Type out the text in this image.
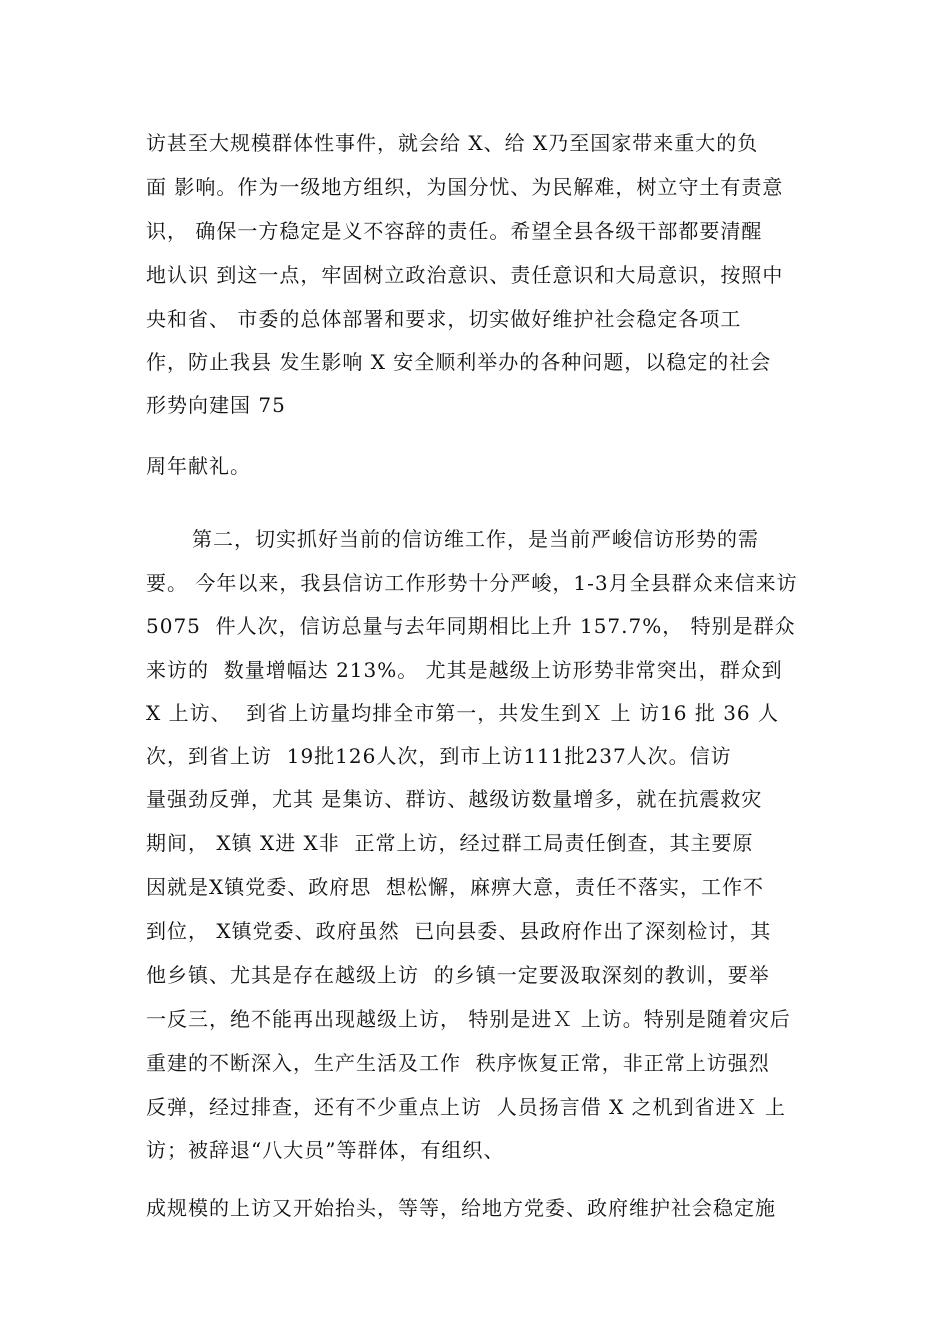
访甚至大规模群体性事件，就会给 X、给 X乃至国家带来重大的负
面 影响。作为一级地方组织，为国分忧、为民解难，树立守土有责意
识， 确保一方稳定是义不容辞的责任。希望全县各级干部都要清醒
地认识 到这一点，牢固树立政治意识、责任意识和大局意识，按照中
央和省、 市委的总体部署和要求，切实做好维护社会稳定各项工
作，防止我县 发生影响 X 安全顺利举办的各种问题，以稳定的社会
形势向建国 75
周年献礼。
第二，切实抓好当前的信访维工作，是当前严峻信访形势的需
要。 今年以来，我县信访工作形势十分严峻，1-3月全县群众来信来访
5075  件人次，信访总量与去年同期相比上升 157.7%， 特别是群众
来访的  数量增幅达 213%。 尤其是越级上访形势非常突出，群众到
X 上访、  到省上访量均排全市第一，共发生到Ｘ 上 访16 批 36 人
次，到省上访  19批126人次，到市上访111批237人次。信访
量强劲反弹，尤其 是集访、群访、越级访数量增多，就在抗震救灾
期间， X镇 X进 X非  正常上访，经过群工局责任倒查，其主要原
因就是X镇党委、政府思  想松懈，麻痹大意，责任不落实，工作不
到位， X镇党委、政府虽然  已向县委、县政府作出了深刻检讨，其
他乡镇、尤其是存在越级上访  的乡镇一定要汲取深刻的教训，要举
一反三，绝不能再出现越级上访， 特别是进Ｘ 上访。特别是随着灾后
重建的不断深入，生产生活及工作  秩序恢复正常，非正常上访强烈
反弹，经过排查，还有不少重点上访  人员扬言借 X 之机到省进Ｘ 上
访；被辞退“八大员”等群体，有组织、
成规模的上访又开始抬头，等等，给地方党委、政府维护社会稳定施
